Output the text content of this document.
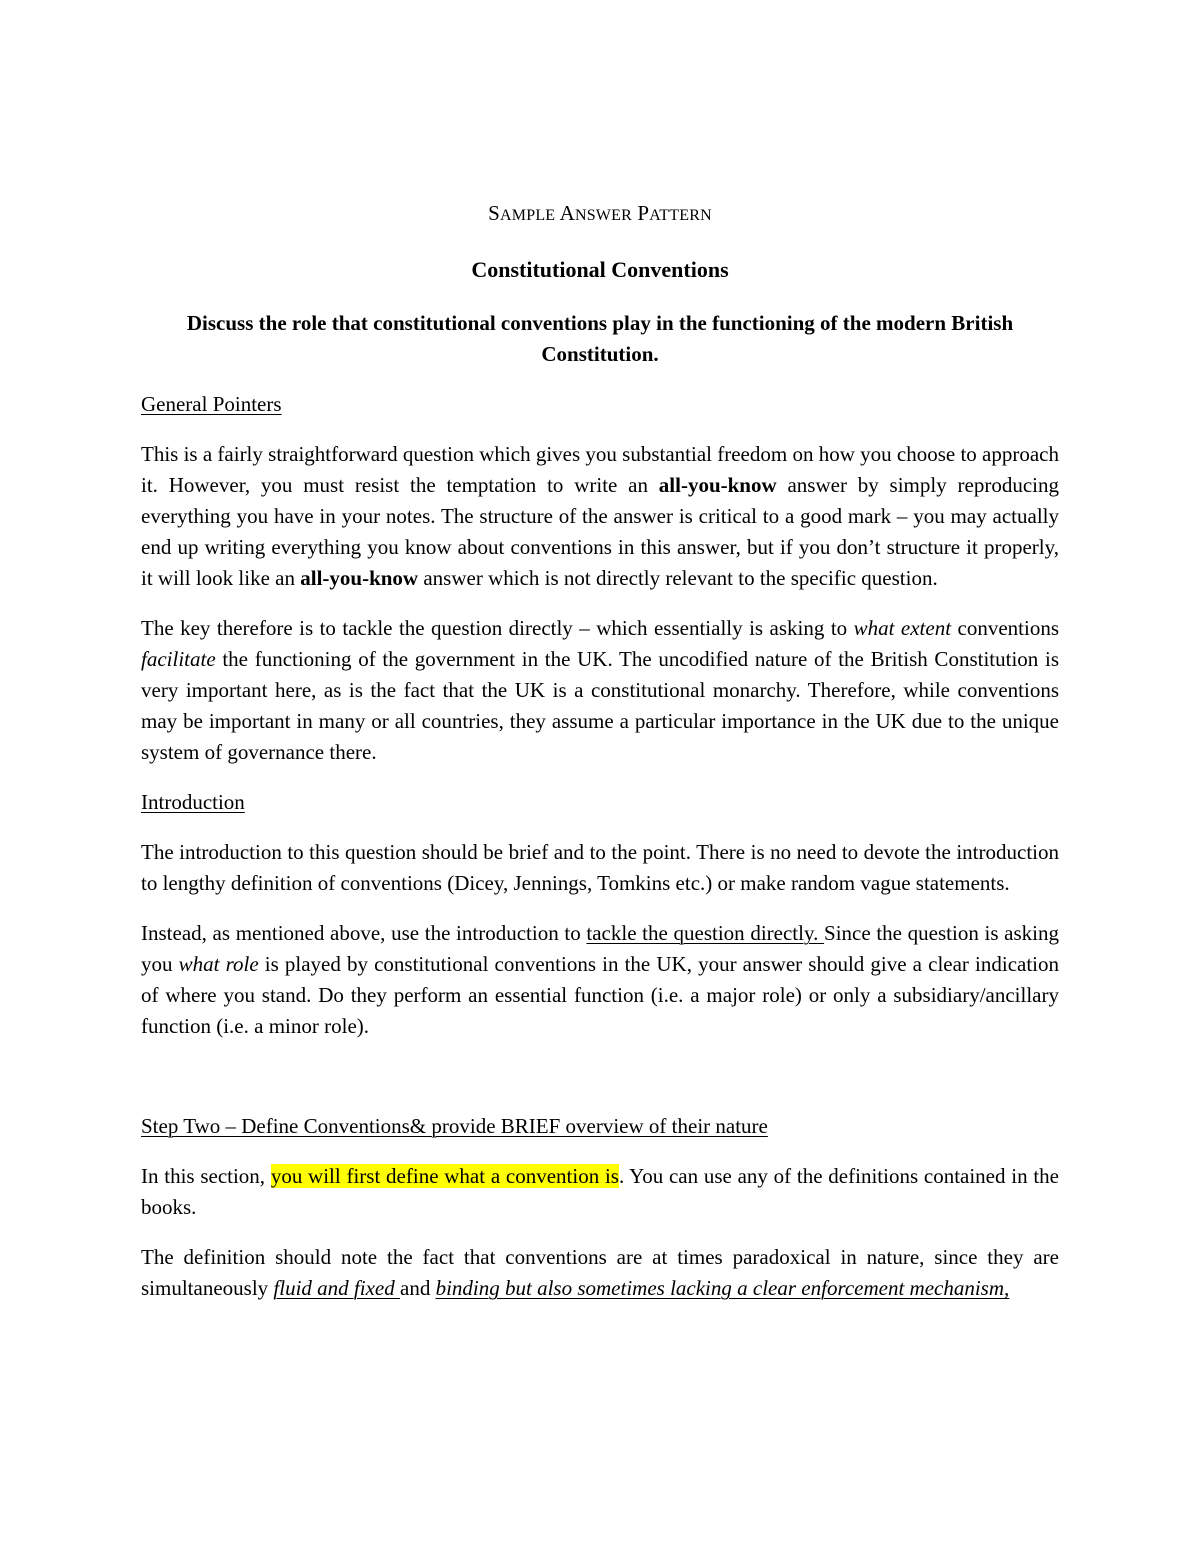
SAMPLE ANSWER PATTERN

Constitutional Conventions

Discuss the role that constitutional conventions play in the functioning of the modern British Constitution.

General Pointers

This is a fairly straightforward question which gives you substantial freedom on how you choose to approach it. However, you must resist the temptation to write an all-you-know answer by simply reproducing everything you have in your notes. The structure of the answer is critical to a good mark – you may actually end up writing everything you know about conventions in this answer, but if you don’t structure it properly, it will look like an all-you-know answer which is not directly relevant to the specific question.

The key therefore is to tackle the question directly – which essentially is asking to what extent conventions facilitate the functioning of the government in the UK. The uncodified nature of the British Constitution is very important here, as is the fact that the UK is a constitutional monarchy. Therefore, while conventions may be important in many or all countries, they assume a particular importance in the UK due to the unique system of governance there.

Introduction

The introduction to this question should be brief and to the point. There is no need to devote the introduction to lengthy definition of conventions (Dicey, Jennings, Tomkins etc.) or make random vague statements.

Instead, as mentioned above, use the introduction to tackle the question directly. Since the question is asking you what role is played by constitutional conventions in the UK, your answer should give a clear indication of where you stand. Do they perform an essential function (i.e. a major role) or only a subsidiary/ancillary function (i.e. a minor role).

Step Two – Define Conventions& provide BRIEF overview of their nature

In this section, you will first define what a convention is. You can use any of the definitions contained in the books.

The definition should note the fact that conventions are at times paradoxical in nature, since they are simultaneously fluid and fixed and binding but also sometimes lacking a clear enforcement mechanism,
